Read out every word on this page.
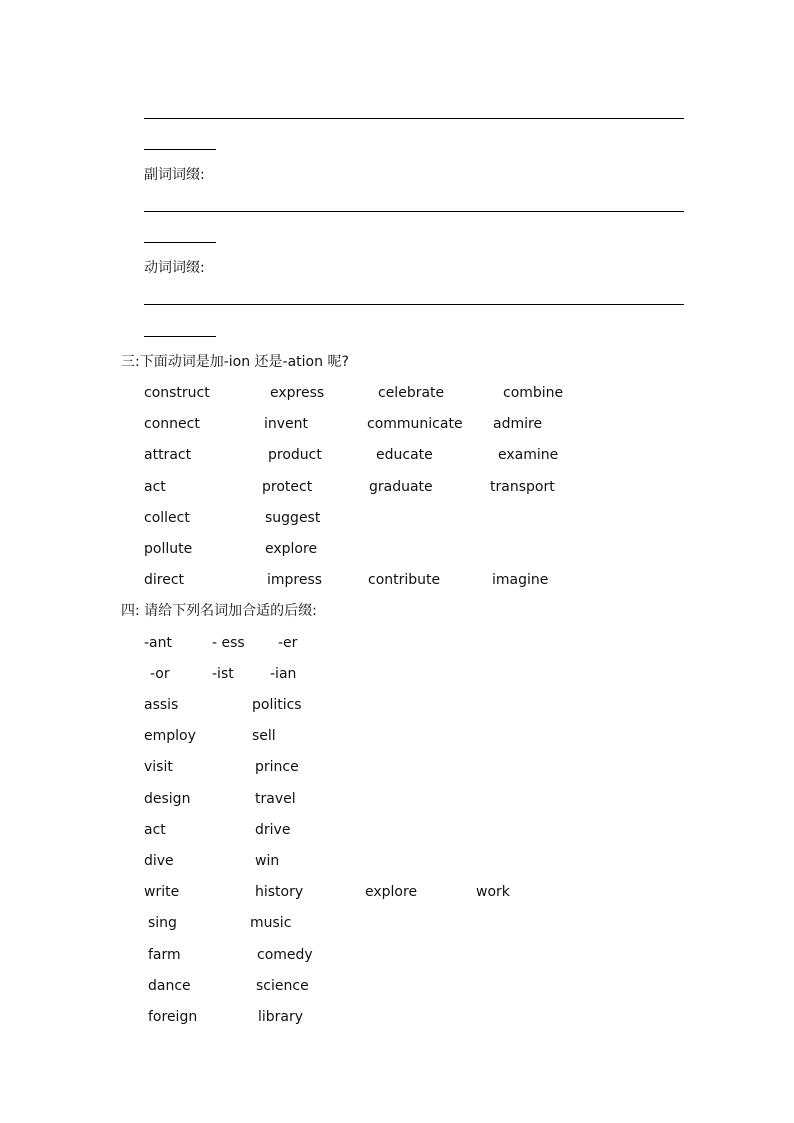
副词词缀:
动词词缀:
三:下面动词是加-ion 还是-ation 呢?
construct	express	celebrate	combine
connect	invent	communicate admire
attract	product	educate	examine
act	protect	graduate	transport
collect	suggest
pollute	explore
direct	impress	contribute	imagine
四: 请给下列名词加合适的后缀:
-ant	- ess -er
-or	-ist	-ian
assis	politics
employ	sell
visit	prince
design	travel
act	drive
dive	win
write	history	explore	work
sing	music
farm	comedy
dance	science
foreign	library
